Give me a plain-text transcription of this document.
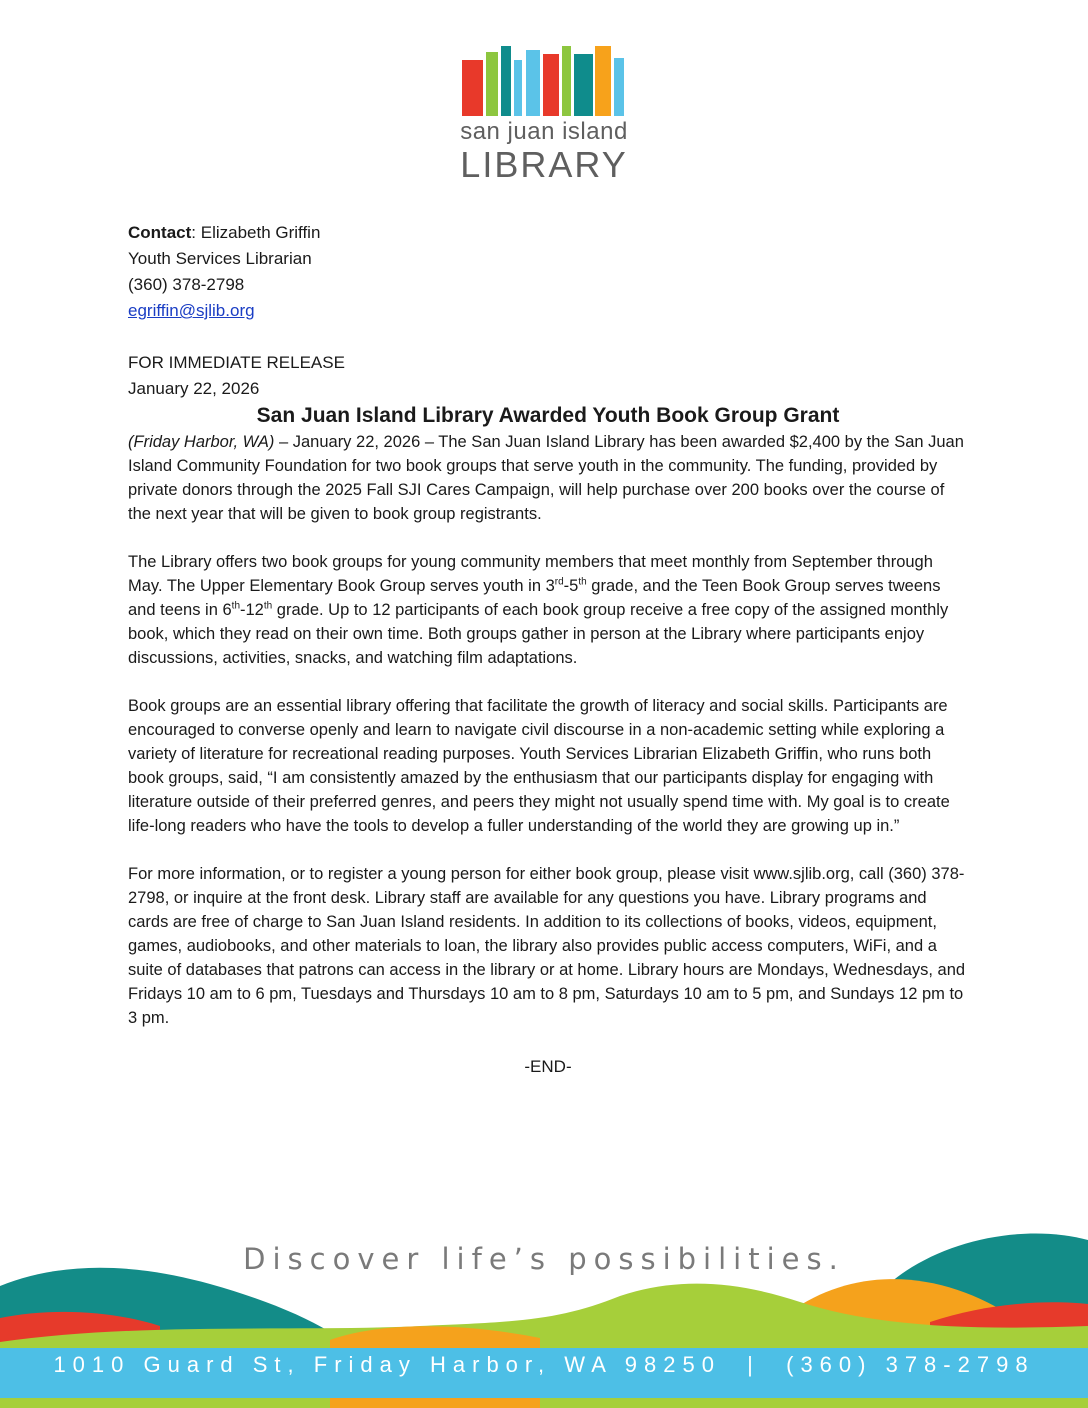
san juan island
LIBRARY

Contact: Elizabeth Griffin

Youth Services Librarian

(360) 378-2798

egriffin@sjlib.org

FOR IMMEDIATE RELEASE

January 22, 2026

San Juan Island Library Awarded Youth Book Group Grant

(Friday Harbor, WA) – January 22, 2026 – The San Juan Island Library has been awarded $2,400 by the San Juan Island Community Foundation for two book groups that serve youth in the community. The funding, provided by private donors through the 2025 Fall SJI Cares Campaign, will help purchase over 200 books over the course of the next year that will be given to book group registrants.

The Library offers two book groups for young community members that meet monthly from September through May. The Upper Elementary Book Group serves youth in 3rd-5th grade, and the Teen Book Group serves tweens and teens in 6th-12th grade. Up to 12 participants of each book group receive a free copy of the assigned monthly book, which they read on their own time. Both groups gather in person at the Library where participants enjoy discussions, activities, snacks, and watching film adaptations.

Book groups are an essential library offering that facilitate the growth of literacy and social skills. Participants are encouraged to converse openly and learn to navigate civil discourse in a non-academic setting while exploring a variety of literature for recreational reading purposes. Youth Services Librarian Elizabeth Griffin, who runs both book groups, said, “I am consistently amazed by the enthusiasm that our participants display for engaging with literature outside of their preferred genres, and peers they might not usually spend time with. My goal is to create life-long readers who have the tools to develop a fuller understanding of the world they are growing up in.”

For more information, or to register a young person for either book group, please visit www.sjlib.org, call (360) 378-2798, or inquire at the front desk. Library staff are available for any questions you have. Library programs and cards are free of charge to San Juan Island residents. In addition to its collections of books, videos, equipment, games, audiobooks, and other materials to loan, the library also provides public access computers, WiFi, and a suite of databases that patrons can access in the library or at home. Library hours are Mondays, Wednesdays, and Fridays 10 am to 6 pm, Tuesdays and Thursdays 10 am to 8 pm, Saturdays 10 am to 5 pm, and Sundays 12 pm to 3 pm.

-END-

Discover life’s possibilities.
1010 Guard St, Friday Harbor, WA 98250  |  (360) 378-2798
